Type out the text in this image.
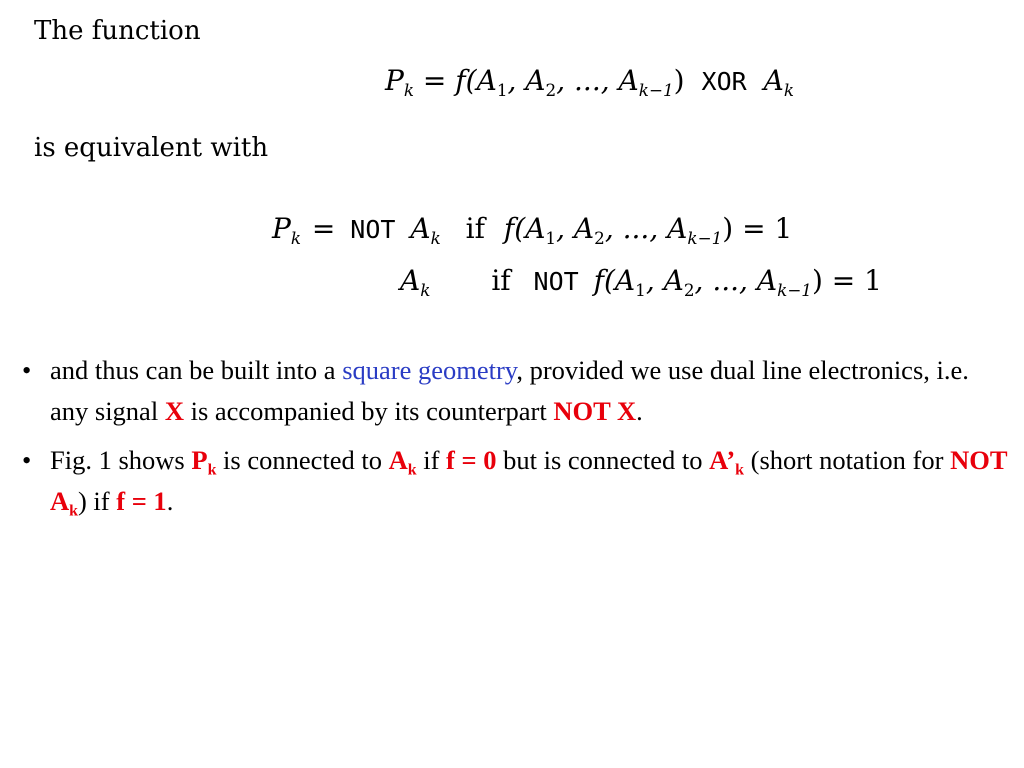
The function
is equivalent with
$P_k = f(A_1$, $A_2$, ..., $A_{k-1}$) XOR $A_k$
$P_k$ = NOT $A_k$ if $f(A_1$, $A_2$, ..., $A_{k-1}) = 1$
$A_k$ if NOT $f(A_1$, $A_2$, ..., $A_{k-1}) = 1$
• and thus can be built into a square geometry, provided we use dual line electronics, i.e. any signal X is accompanied by its counterpart NOT X.
• Fig. 1 shows $P_k$ is connected to $A_k$ if f = 0 but is connected to $A’_k$ (short notation for NOT $A_k$) if f = 1.
